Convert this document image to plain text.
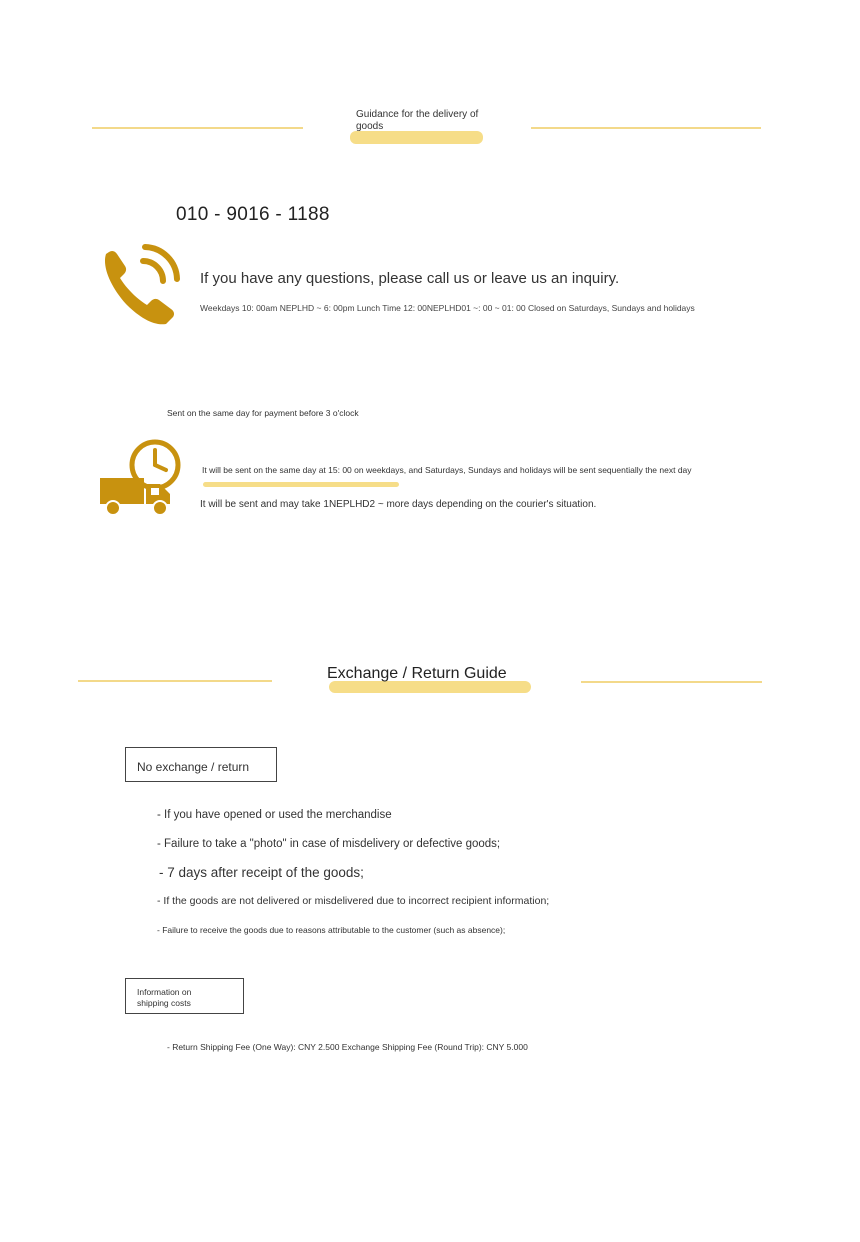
Guidance for the delivery of goods
010 - 9016 - 1188
If you have any questions, please call us or leave us an inquiry.
Weekdays 10: 00am NEPLHD ~ 6: 00pm Lunch Time 12: 00NEPLHD01 ~: 00 ~ 01: 00 Closed on Saturdays, Sundays and holidays
Sent on the same day for payment before 3 o'clock
It will be sent on the same day at 15: 00 on weekdays, and Saturdays, Sundays and holidays will be sent sequentially the next day
It will be sent and may take 1NEPLHD2 ~ more days depending on the courier's situation.
Exchange / Return Guide
No exchange / return
- If you have opened or used the merchandise
- Failure to take a "photo" in case of misdelivery or defective goods;
- 7 days after receipt of the goods;
- If the goods are not delivered or misdelivered due to incorrect recipient information;
- Failure to receive the goods due to reasons attributable to the customer (such as absence);
Information on shipping costs
- Return Shipping Fee (One Way): CNY 2.500 Exchange Shipping Fee (Round Trip): CNY 5.000
